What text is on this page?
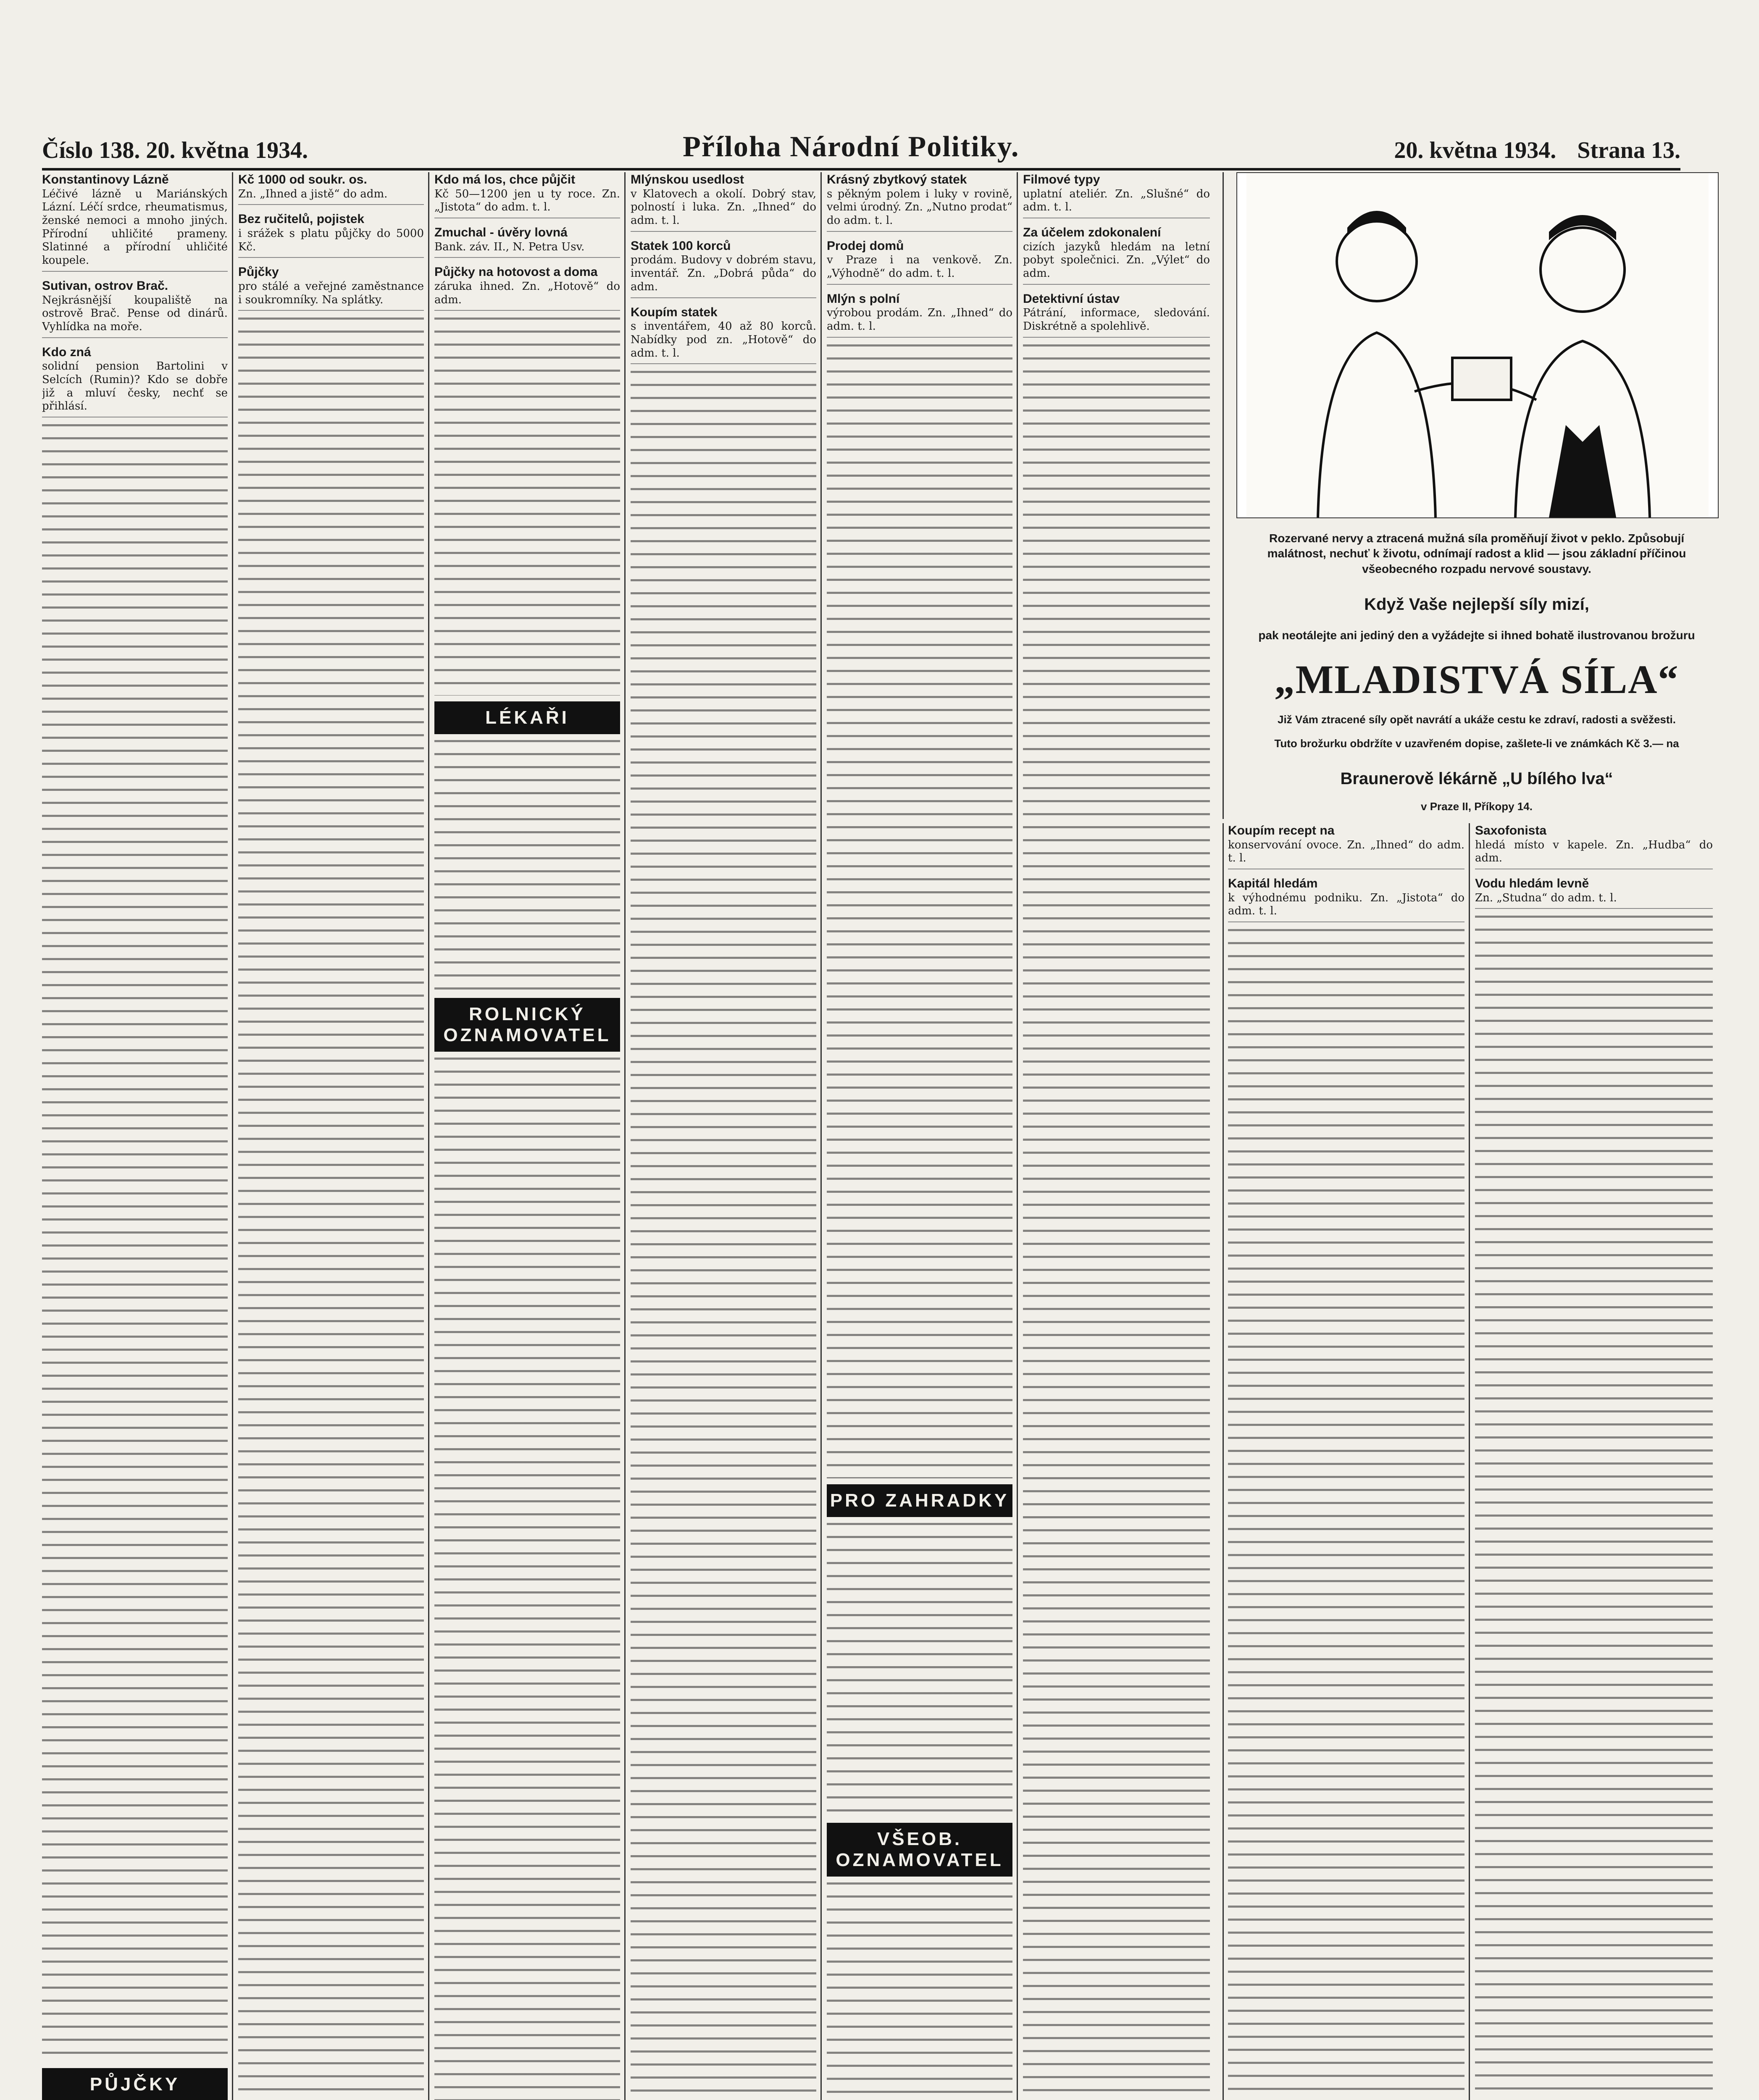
Číslo 138. 20. května 1934.	Příloha Národní Politiky.	20. května 1934. Strana 13.
Konstantinovy Lázně
Léčivé lázně u Mariánských Lázní. Léčí srdce, rheumatismus, ženské nemoci a mnoho jiných. Přírodní uhličité prameny. Slatinné a přírodní uhličité koupele.
Sutivan, ostrov Brač.
Nejkrásnější koupaliště na ostrově Brač. Pense od dinárů. Vyhlídka na moře.
Kdo zná
solidní pension Bartolini v Selcích (Rumin)? Kdo se dobře již a mluví česky, nechť se přihlásí.
PŮJČKY
Kč 1000 od soukr. os.
Zn. „Ihned a jistě“ do adm.
Bez ručitelů, pojistek
i srážek s platu půjčky do 5000 Kč.
Půjčky
pro stálé a veřejné zaměstnance i soukromníky. Na splátky.
Kdo má los, chce půjčit
Kč 50—1200 jen u ty roce. Zn. „Jistota“ do adm. t. l.
Zmuchal - úvěry lovná
Bank. záv. II., N. Petra Usv.
Půjčky na hotovost a doma
záruka ihned. Zn. „Hotově“ do adm.
LÉKAŘI
ROLNICKÝ OZNAMOVATEL
Mlýnskou usedlost
v Klatovech a okolí. Dobrý stav, polností i luka. Zn. „Ihned“ do adm. t. l.
Statek 100 korců
prodám. Budovy v dobrém stavu, inventář. Zn. „Dobrá půda“ do adm.
Koupím statek
s inventářem, 40 až 80 korců. Nabídky pod zn. „Hotově“ do adm. t. l.
Krásný zbytkový statek
s pěkným polem i luky v rovině, velmi úrodný. Zn. „Nutno prodat“ do adm. t. l.
Prodej domů
v Praze i na venkově. Zn. „Výhodně“ do adm. t. l.
Mlýn s polní
výrobou prodám. Zn. „Ihned“ do adm. t. l.
PRO ZAHRADKY
VŠEOB. OZNAMOVATEL
Filmové typy
uplatní ateliér. Zn. „Slušné“ do adm. t. l.
Za účelem zdokonalení
cizích jazyků hledám na letní pobyt společnici. Zn. „Výlet“ do adm.
Detektivní ústav
Pátrání, informace, sledování. Diskrétně a spolehlivě.
Rozervané nervy a ztracená mužná síla proměňují život v peklo. Způsobují malátnost, nechuť k životu, odnímají radost a klid — jsou základní příčinou všeobecného rozpadu nervové soustavy.
Když Vaše nejlepší síly mizí,
pak neotálejte ani jediný den a vyžádejte si ihned bohatě ilustrovanou brožuru
„MLADISTVÁ SÍLA“
Již Vám ztracené síly opět navrátí a ukáže cestu ke zdraví, radosti a svěžesti.
Tuto brožurku obdržíte v uzavřeném dopise, zašlete-li ve známkách Kč 3.— na
Braunerově lékárně „U bílého lva“
v Praze II, Příkopy 14.
Koupím recept na
konservování ovoce. Zn. „Ihned“ do adm. t. l.
Kapitál hledám
k výhodnému podniku. Zn. „Jistota“ do adm. t. l.
Saxofonista
hledá místo v kapele. Zn. „Hudba“ do adm.
Vodu hledám levně
Zn. „Studna“ do adm. t. l.
